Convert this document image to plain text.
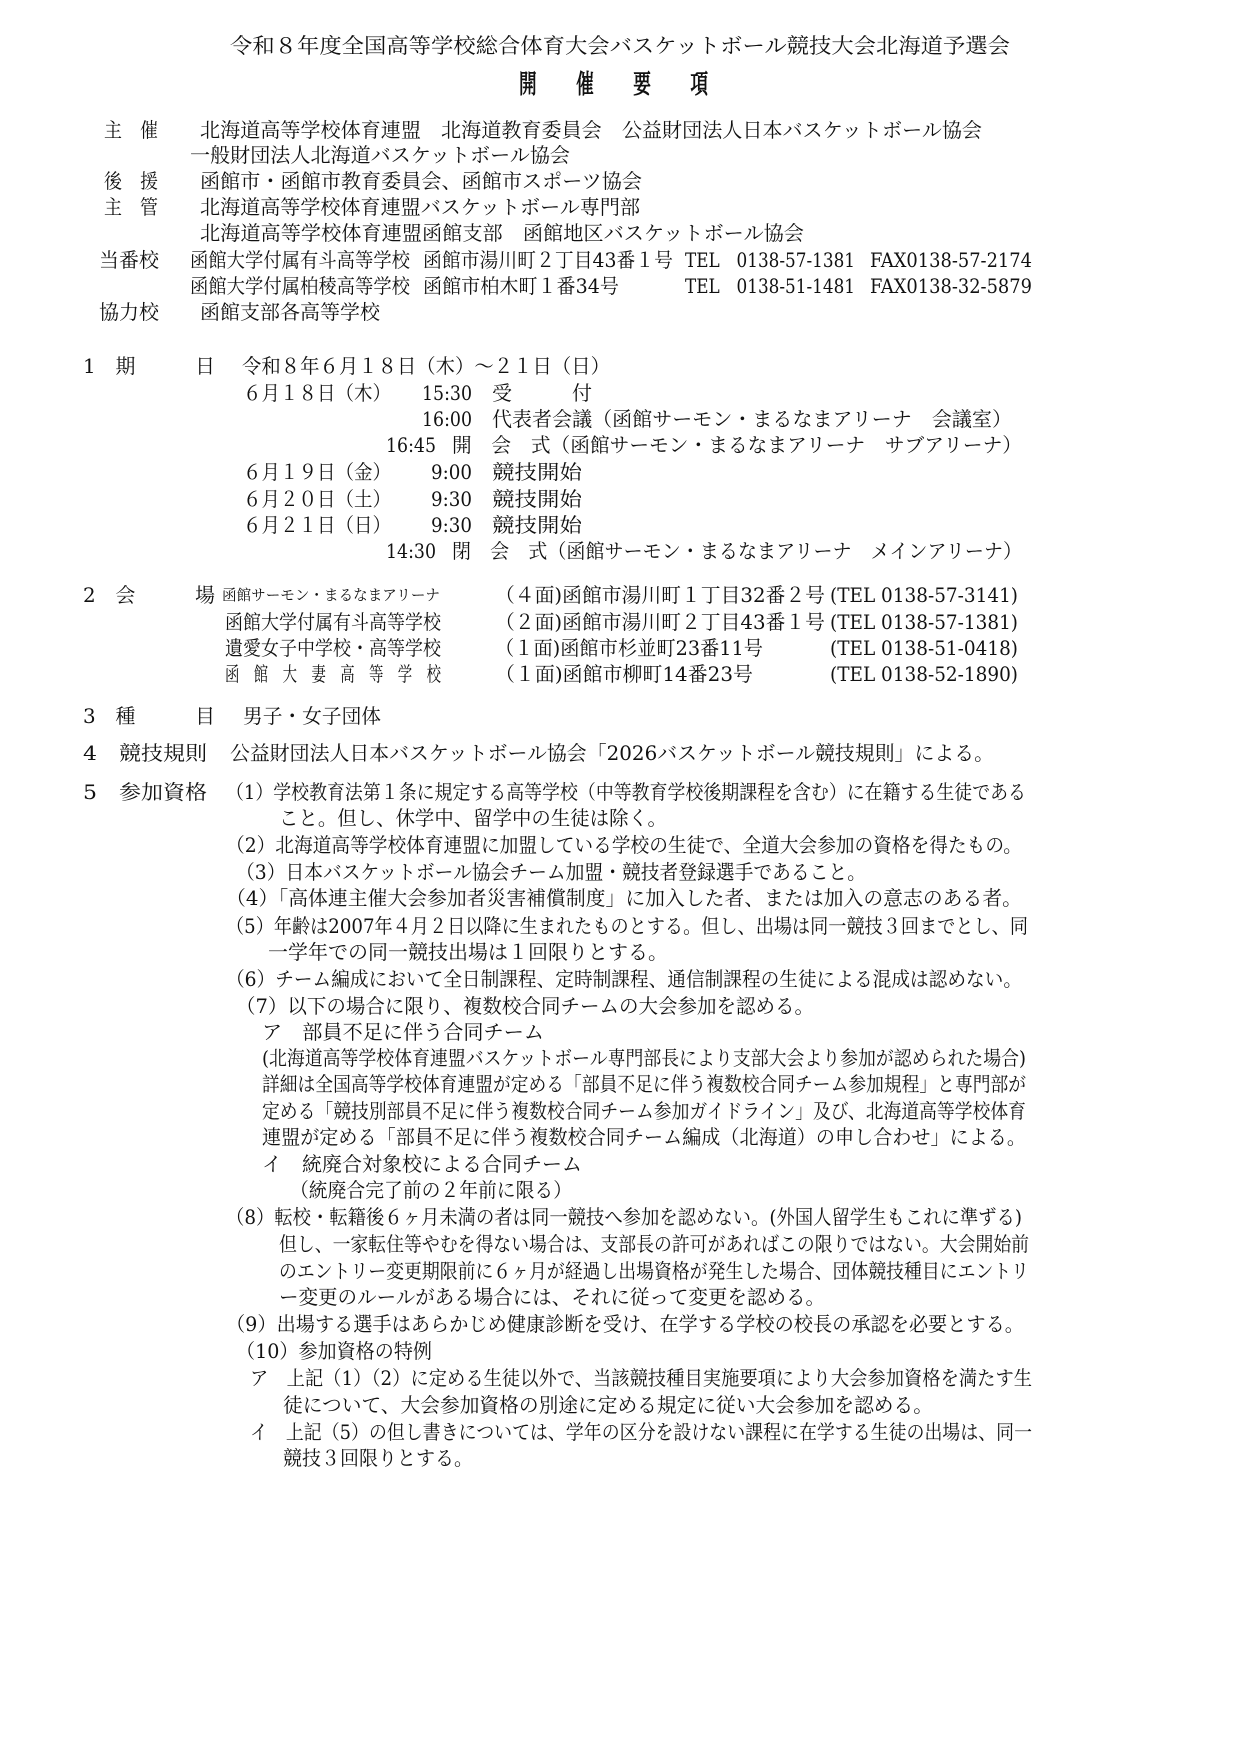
令和８年度全国高等学校総合体育大会バスケットボール競技大会北海道予選会
開　催　要　項
主　催 北海道高等学校体育連盟　北海道教育委員会　公益財団法人日本バスケットボール協会
一般財団法人北海道バスケットボール協会
後　援 函館市・函館市教育委員会、函館市スポーツ協会
主　管 北海道高等学校体育連盟バスケットボール専門部
北海道高等学校体育連盟函館支部　函館地区バスケットボール協会
当番校 函館大学付属有斗高等学校 函館市湯川町２丁目43番１号 TEL　0138-57-1381 FAX0138-57-2174
函館大学付属柏稜高等学校 函館市柏木町１番34号	TEL　0138-51-1481 FAX0138-32-5879
協力校 函館支部各高等学校
1　期　　　日 令和８年６月１８日（木）～２１日（日）
６月１８日（木） 15:30 受　　　付
16:00 代表者会議（函館サーモン・まるなまアリーナ　会議室）
16:45 開　会　式（函館サーモン・まるなまアリーナ　サブアリーナ）
６月１９日（金） 9:00 競技開始
６月２０日（土） 9:30 競技開始
６月２１日（日） 9:30 競技開始
14:30 閉　会　式（函館サーモン・まるなまアリーナ　メインアリーナ）
2　会　　　場 函館サーモン・まるなまアリーナ	（４面)函館市湯川町１丁目32番２号 (TEL 0138-57-3141)
函館大学付属有斗高等学校	（２面)函館市湯川町２丁目43番１号 (TEL 0138-57-1381)
遺愛女子中学校・高等学校	（１面)函館市杉並町23番11号	(TEL 0138-51-0418)
函　館　大　妻　高　等　学　校	（１面)函館市柳町14番23号	(TEL 0138-52-1890)
3　種　　　目 男子・女子団体
4　競技規則 公益財団法人日本バスケットボール協会「2026バスケットボール競技規則」による。
5　参加資格 （1）学校教育法第１条に規定する高等学校（中等教育学校後期課程を含む）に在籍する生徒である
こと。但し、休学中、留学中の生徒は除く。
（2）北海道高等学校体育連盟に加盟している学校の生徒で、全道大会参加の資格を得たもの。
（3）日本バスケットボール協会チーム加盟・競技者登録選手であること。
（4）「高体連主催大会参加者災害補償制度」に加入した者、または加入の意志のある者。
（5）年齢は2007年４月２日以降に生まれたものとする。但し、出場は同一競技３回までとし、同
一学年での同一競技出場は１回限りとする。
（6）チーム編成において全日制課程、定時制課程、通信制課程の生徒による混成は認めない。
（7）以下の場合に限り、複数校合同チームの大会参加を認める。
ア　部員不足に伴う合同チーム
(北海道高等学校体育連盟バスケットボール専門部長により支部大会より参加が認められた場合)
詳細は全国高等学校体育連盟が定める「部員不足に伴う複数校合同チーム参加規程」と専門部が
定める「競技別部員不足に伴う複数校合同チーム参加ガイドライン」及び、北海道高等学校体育
連盟が定める「部員不足に伴う複数校合同チーム編成（北海道）の申し合わせ」による。
イ　統廃合対象校による合同チーム
（統廃合完了前の２年前に限る）
（8）転校・転籍後６ヶ月未満の者は同一競技へ参加を認めない。(外国人留学生もこれに準ずる)
但し、一家転住等やむを得ない場合は、支部長の許可があればこの限りではない。大会開始前
のエントリー変更期限前に６ヶ月が経過し出場資格が発生した場合、団体競技種目にエントリ
ー変更のルールがある場合には、それに従って変更を認める。
（9）出場する選手はあらかじめ健康診断を受け、在学する学校の校長の承認を必要とする。
（10）参加資格の特例
ア　上記（1）（2）に定める生徒以外で、当該競技種目実施要項により大会参加資格を満たす生
徒について、大会参加資格の別途に定める規定に従い大会参加を認める。
イ　上記（5）の但し書きについては、学年の区分を設けない課程に在学する生徒の出場は、同一
競技３回限りとする。
